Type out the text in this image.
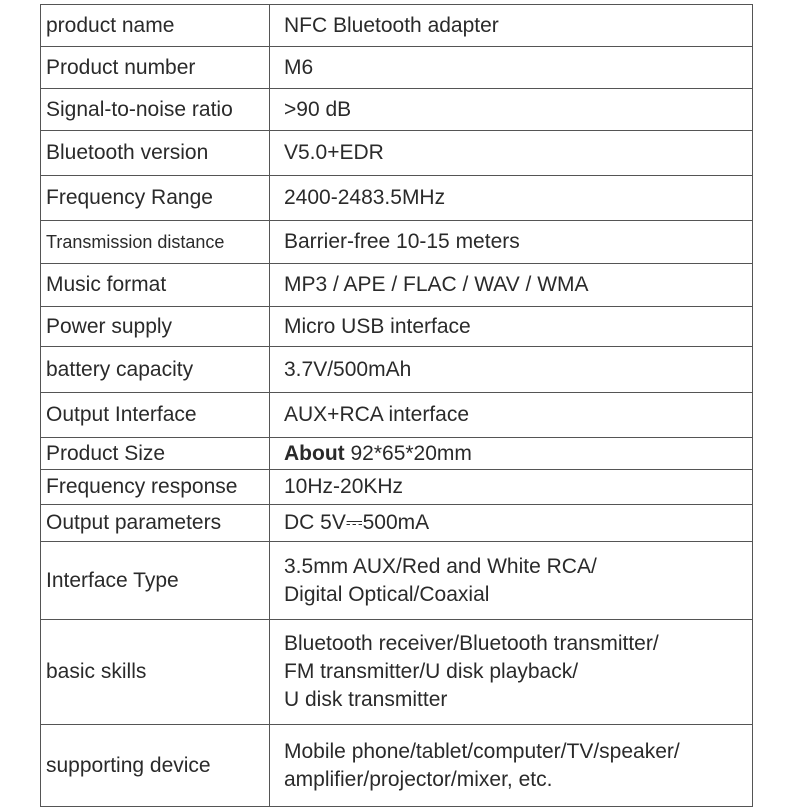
product name	NFC Bluetooth adapter

Product number	M6

Signal-to-noise ratio	>90 dB

Bluetooth version	V5.0+EDR

Frequency Range	2400-2483.5MHz

Transmission distance	Barrier-free 10-15 meters

Music format	MP3 / APE / FLAC / WAV / WMA

Power supply	Micro USB interface

battery capacity	3.7V/500mAh

Output Interface	AUX+RCA interface

Product Size	About 92*65*20mm
Frequency response	10Hz-20KHz

Output parameters	DC 5V⎓500mA

Interface Type	3.5mm AUX/Red and White RCA/
Digital Optical/Coaxial

basic skills	Bluetooth receiver/Bluetooth transmitter/
FM transmitter/U disk playback/
U disk transmitter

supporting device	Mobile phone/tablet/computer/TV/speaker/
amplifier/projector/mixer, etc.
